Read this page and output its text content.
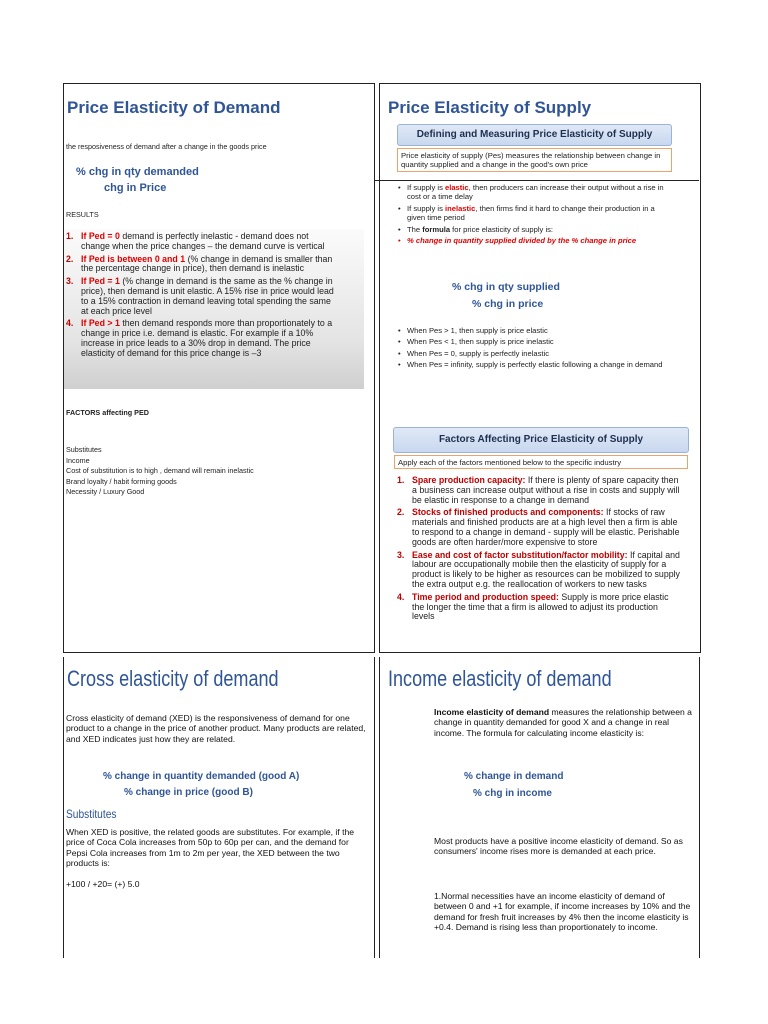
Price Elasticity of Demand
the resposiveness of demand after a change in the goods price
% chg in qty demanded
chg in Price
RESULTS
1. If Ped = 0 demand is perfectly inelastic - demand does not change when the price changes – the demand curve is vertical
2. If Ped is between 0 and 1 (% change in demand is smaller than the percentage change in price), then demand is inelastic
3. If Ped = 1 (% change in demand is the same as the % change in price), then demand is unit elastic. A 15% rise in price would lead to a 15% contraction in demand leaving total spending the same at each price level
4. If Ped > 1 then demand responds more than proportionately to a change in price i.e. demand is elastic. For example if a 10% increase in price leads to a 30% drop in demand. The price elasticity of demand for this price change is –3
FACTORS affecting PED
Substitutes
Income
Cost of substitution is to high , demand will remain inelastic
Brand loyalty / habit forming goods
Necessity / Luxury Good
Price Elasticity of Supply
Defining and Measuring Price Elasticity of Supply
Price elasticity of supply (Pes) measures the relationship between change in quantity supplied and a change in the good's own price
• If supply is elastic, then producers can increase their output without a rise in cost or a time delay
• If supply is inelastic, then firms find it hard to change their production in a given time period
• The formula for price elasticity of supply is:
• % change in quantity supplied divided by the % change in price
% chg in qty supplied
% chg in price
• When Pes > 1, then supply is price elastic
• When Pes < 1, then supply is price inelastic
• When Pes = 0, supply is perfectly inelastic
• When Pes = infinity, supply is perfectly elastic following a change in demand
Factors Affecting Price Elasticity of Supply
Apply each of the factors mentioned below to the specific industry
1. Spare production capacity: If there is plenty of spare capacity then a business can increase output without a rise in costs and supply will be elastic in response to a change in demand
2. Stocks of finished products and components: If stocks of raw materials and finished products are at a high level then a firm is able to respond to a change in demand - supply will be elastic. Perishable goods are often harder/more expensive to store
3. Ease and cost of factor substitution/factor mobility: If capital and labour are occupationally mobile then the elasticity of supply for a product is likely to be higher as resources can be mobilized to supply the extra output e.g. the reallocation of workers to new tasks
4. Time period and production speed: Supply is more price elastic the longer the time that a firm is allowed to adjust its production levels
Cross elasticity of demand
Cross elasticity of demand (XED) is the responsiveness of demand for one product to a change in the price of another product. Many products are related, and XED indicates just how they are related.
% change in quantity demanded (good A)
% change in price (good B)
Substitutes
When XED is positive, the related goods are substitutes. For example, if the price of Coca Cola increases from 50p to 60p per can, and the demand for Pepsi Cola increases from 1m to 2m per year, the XED between the two products is:
+100 / +20= (+) 5.0
Income elasticity of demand
Income elasticity of demand measures the relationship between a change in quantity demanded for good X and a change in real income. The formula for calculating income elasticity is:
% change in demand
% chg in income
Most products have a positive income elasticity of demand. So as consumers' income rises more is demanded at each price.
1.Normal necessities have an income elasticity of demand of between 0 and +1 for example, if income increases by 10% and the demand for fresh fruit increases by 4% then the income elasticity is +0.4. Demand is rising less than proportionately to income.
